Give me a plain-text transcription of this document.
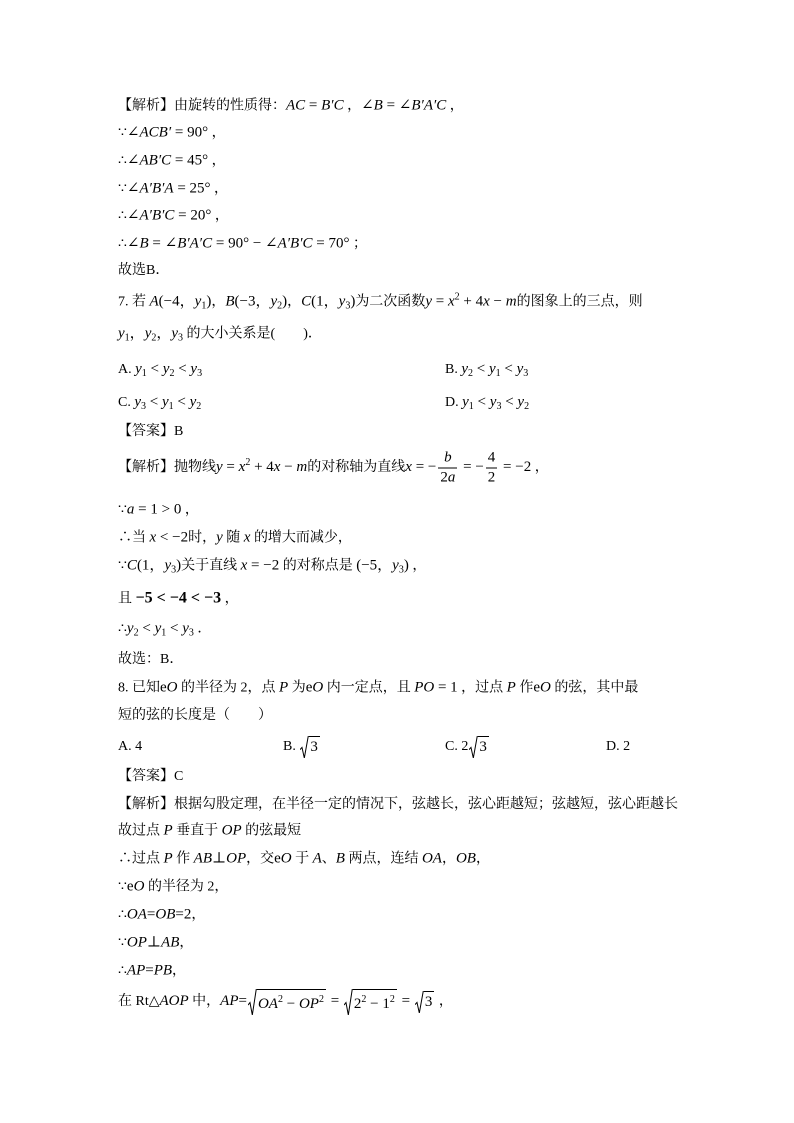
【解析】由旋转的性质得：AC = B′C ，∠B = ∠B′A′C ，
∵∠ACB′ = 90° ，
∴∠AB′C = 45° ，
∵∠A′B′A = 25° ，
∴∠A′B′C = 20° ，
∴∠B = ∠B′A′C = 90° − ∠A′B′C = 70° ；
故选B．
7. 若 A(−4，$y_1$)，B(−3，$y_2$)，C(1，$y_3$)为二次函数$y = x^2 + 4x - m$的图象上的三点，则
$y_1$，$y_2$，$y_3$ 的大小关系是(　　)．
A. $y_1 < y_2 < y_3$	B. $y_2 < y_1 < y_3$
C. $y_3 < y_1 < y_2$	D. $y_1 < y_3 < y_2$
【答案】B
【解析】抛物线$y = x^2 + 4x - m$的对称轴为直线x = − $\frac{b}{2a}$ = − $\frac{4}{2} = -2$ ，
∵a = 1 > 0 ，
∴当 x < −2时，y 随 x 的增大而减少，
∵C(1，$y_3$)关于直线 x = −2 的对称点是 (−5，$y_3$) ，
且 −5 < −4 < −3 ，
$\therefore y_2 < y_1 < y_3$ ．
故选：B．
8. 已知eO 的半径为 2，点 P 为eO 内一定点，且 PO = 1 ，过点 P 作eO 的弦，其中最
短的弦的长度是（　　）
A. 4	B. 3	C. 2 3	D. 2
【答案】C
【解析】根据勾股定理，在半径一定的情况下，弦越长，弦心距越短；弦越短，弦心距越长
故过点 P 垂直于 OP 的弦最短
∴过点 P 作 AB⊥OP，交eO 于 A、B 两点，连结 OA，OB，
∵eO 的半径为 2，
∴OA=OB=2，
∵OP⊥AB，
∴AP=PB，
在 Rt△AOP 中，$AP= OA^2 - OP^2 = 2^2 - 1^2 = 3$ ，
